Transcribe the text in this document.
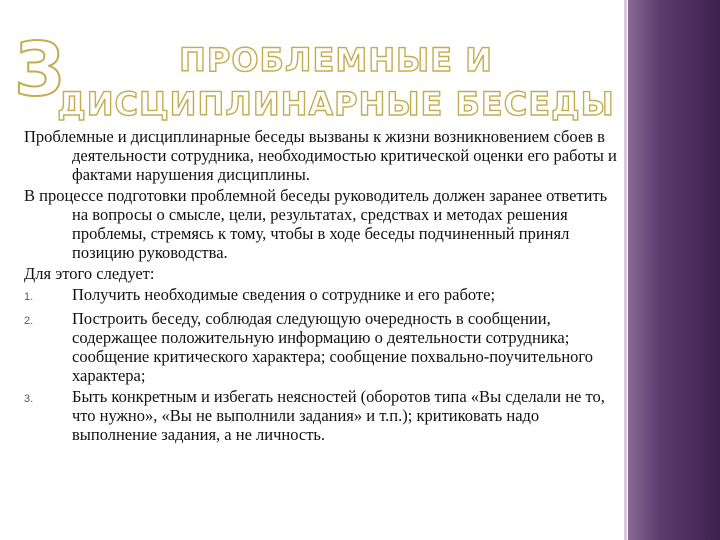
3	ПРОБЛЕМНЫЕ И
ДИСЦИПЛИНАРНЫЕ БЕСЕДЫ

Проблемные и дисциплинарные беседы вызваны к жизни возникновением сбоев в деятельности сотрудника, необходимостью критической оценки его работы и фактами нарушения дисциплины.

В процессе подготовки проблемной беседы руководитель должен заранее ответить на вопросы о смысле, цели, результатах, средствах и методах решения проблемы, стремясь к тому, чтобы в ходе беседы подчиненный принял позицию руководства.

Для этого следует:

1.	Получить необходимые сведения о сотруднике и его работе;
2.	Построить беседу, соблюдая следующую очередность в сообщении, содержащее положительную информацию о деятельности сотрудника; сообщение критического характера; сообщение похвально-поучительного характера;
3.	Быть конкретным и избегать неясностей (оборотов типа «Вы сделали не то, что нужно», «Вы не выполнили задания» и т.п.); критиковать надо выполнение задания, а не личность.
